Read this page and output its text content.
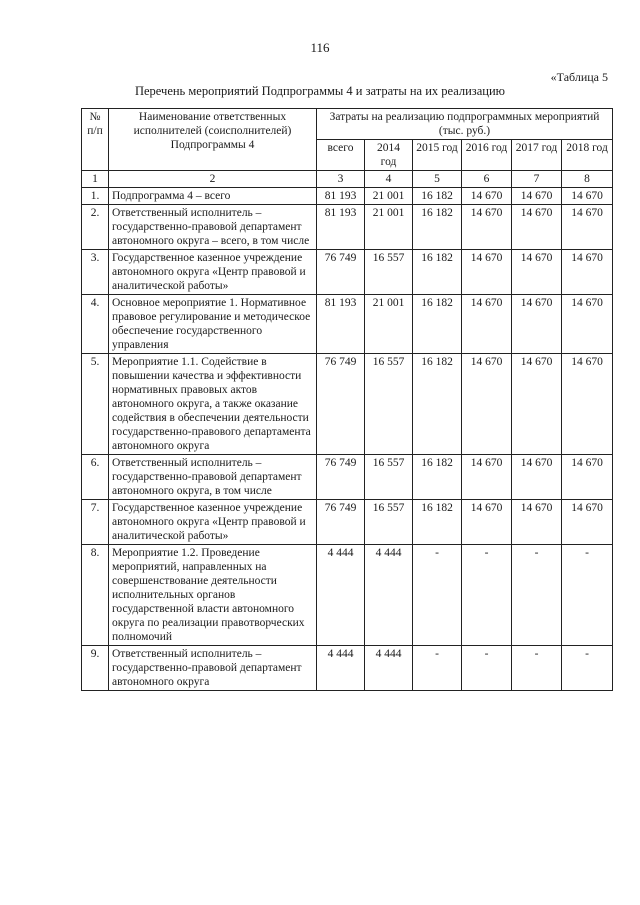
116
«Таблица 5
Перечень мероприятий Подпрограммы 4 и затраты на их реализацию
№ п/п	Наименование ответственных исполнителей (соисполнителей) Подпрограммы 4	Затраты на реализацию подпрограммных мероприятий (тыс. руб.)					
		всего	2014 год	2015 год	2016 год	2017 год	2018 год
1	2	3	4	5	6	7	8
1.	Подпрограмма 4 – всего	81 193	21 001	16 182	14 670	14 670	14 670
2.	Ответственный исполнитель – государственно-правовой департамент автономного округа – всего, в том числе	81 193	21 001	16 182	14 670	14 670	14 670
3.	Государственное казенное учреждение автономного округа «Центр правовой и аналитической работы»	76 749	16 557	16 182	14 670	14 670	14 670
4.	Основное мероприятие 1. Нормативное правовое регулирование и методическое обеспечение государственного управления	81 193	21 001	16 182	14 670	14 670	14 670
5.	Мероприятие 1.1. Содействие в повышении качества и эффективности нормативных правовых актов автономного округа, а также оказание содействия в обеспечении деятельности государственно-правового департамента автономного округа	76 749	16 557	16 182	14 670	14 670	14 670
6.	Ответственный исполнитель – государственно-правовой департамент автономного округа, в том числе	76 749	16 557	16 182	14 670	14 670	14 670
7.	Государственное казенное учреждение автономного округа «Центр правовой и аналитической работы»	76 749	16 557	16 182	14 670	14 670	14 670
8.	Мероприятие 1.2. Проведение мероприятий, направленных на совершенствование деятельности исполнительных органов государственной власти автономного округа по реализации правотворческих полномочий	4 444	4 444	-	-	-	-
9.	Ответственный исполнитель – государственно-правовой департамент автономного округа	4 444	4 444	-	-	-	-
